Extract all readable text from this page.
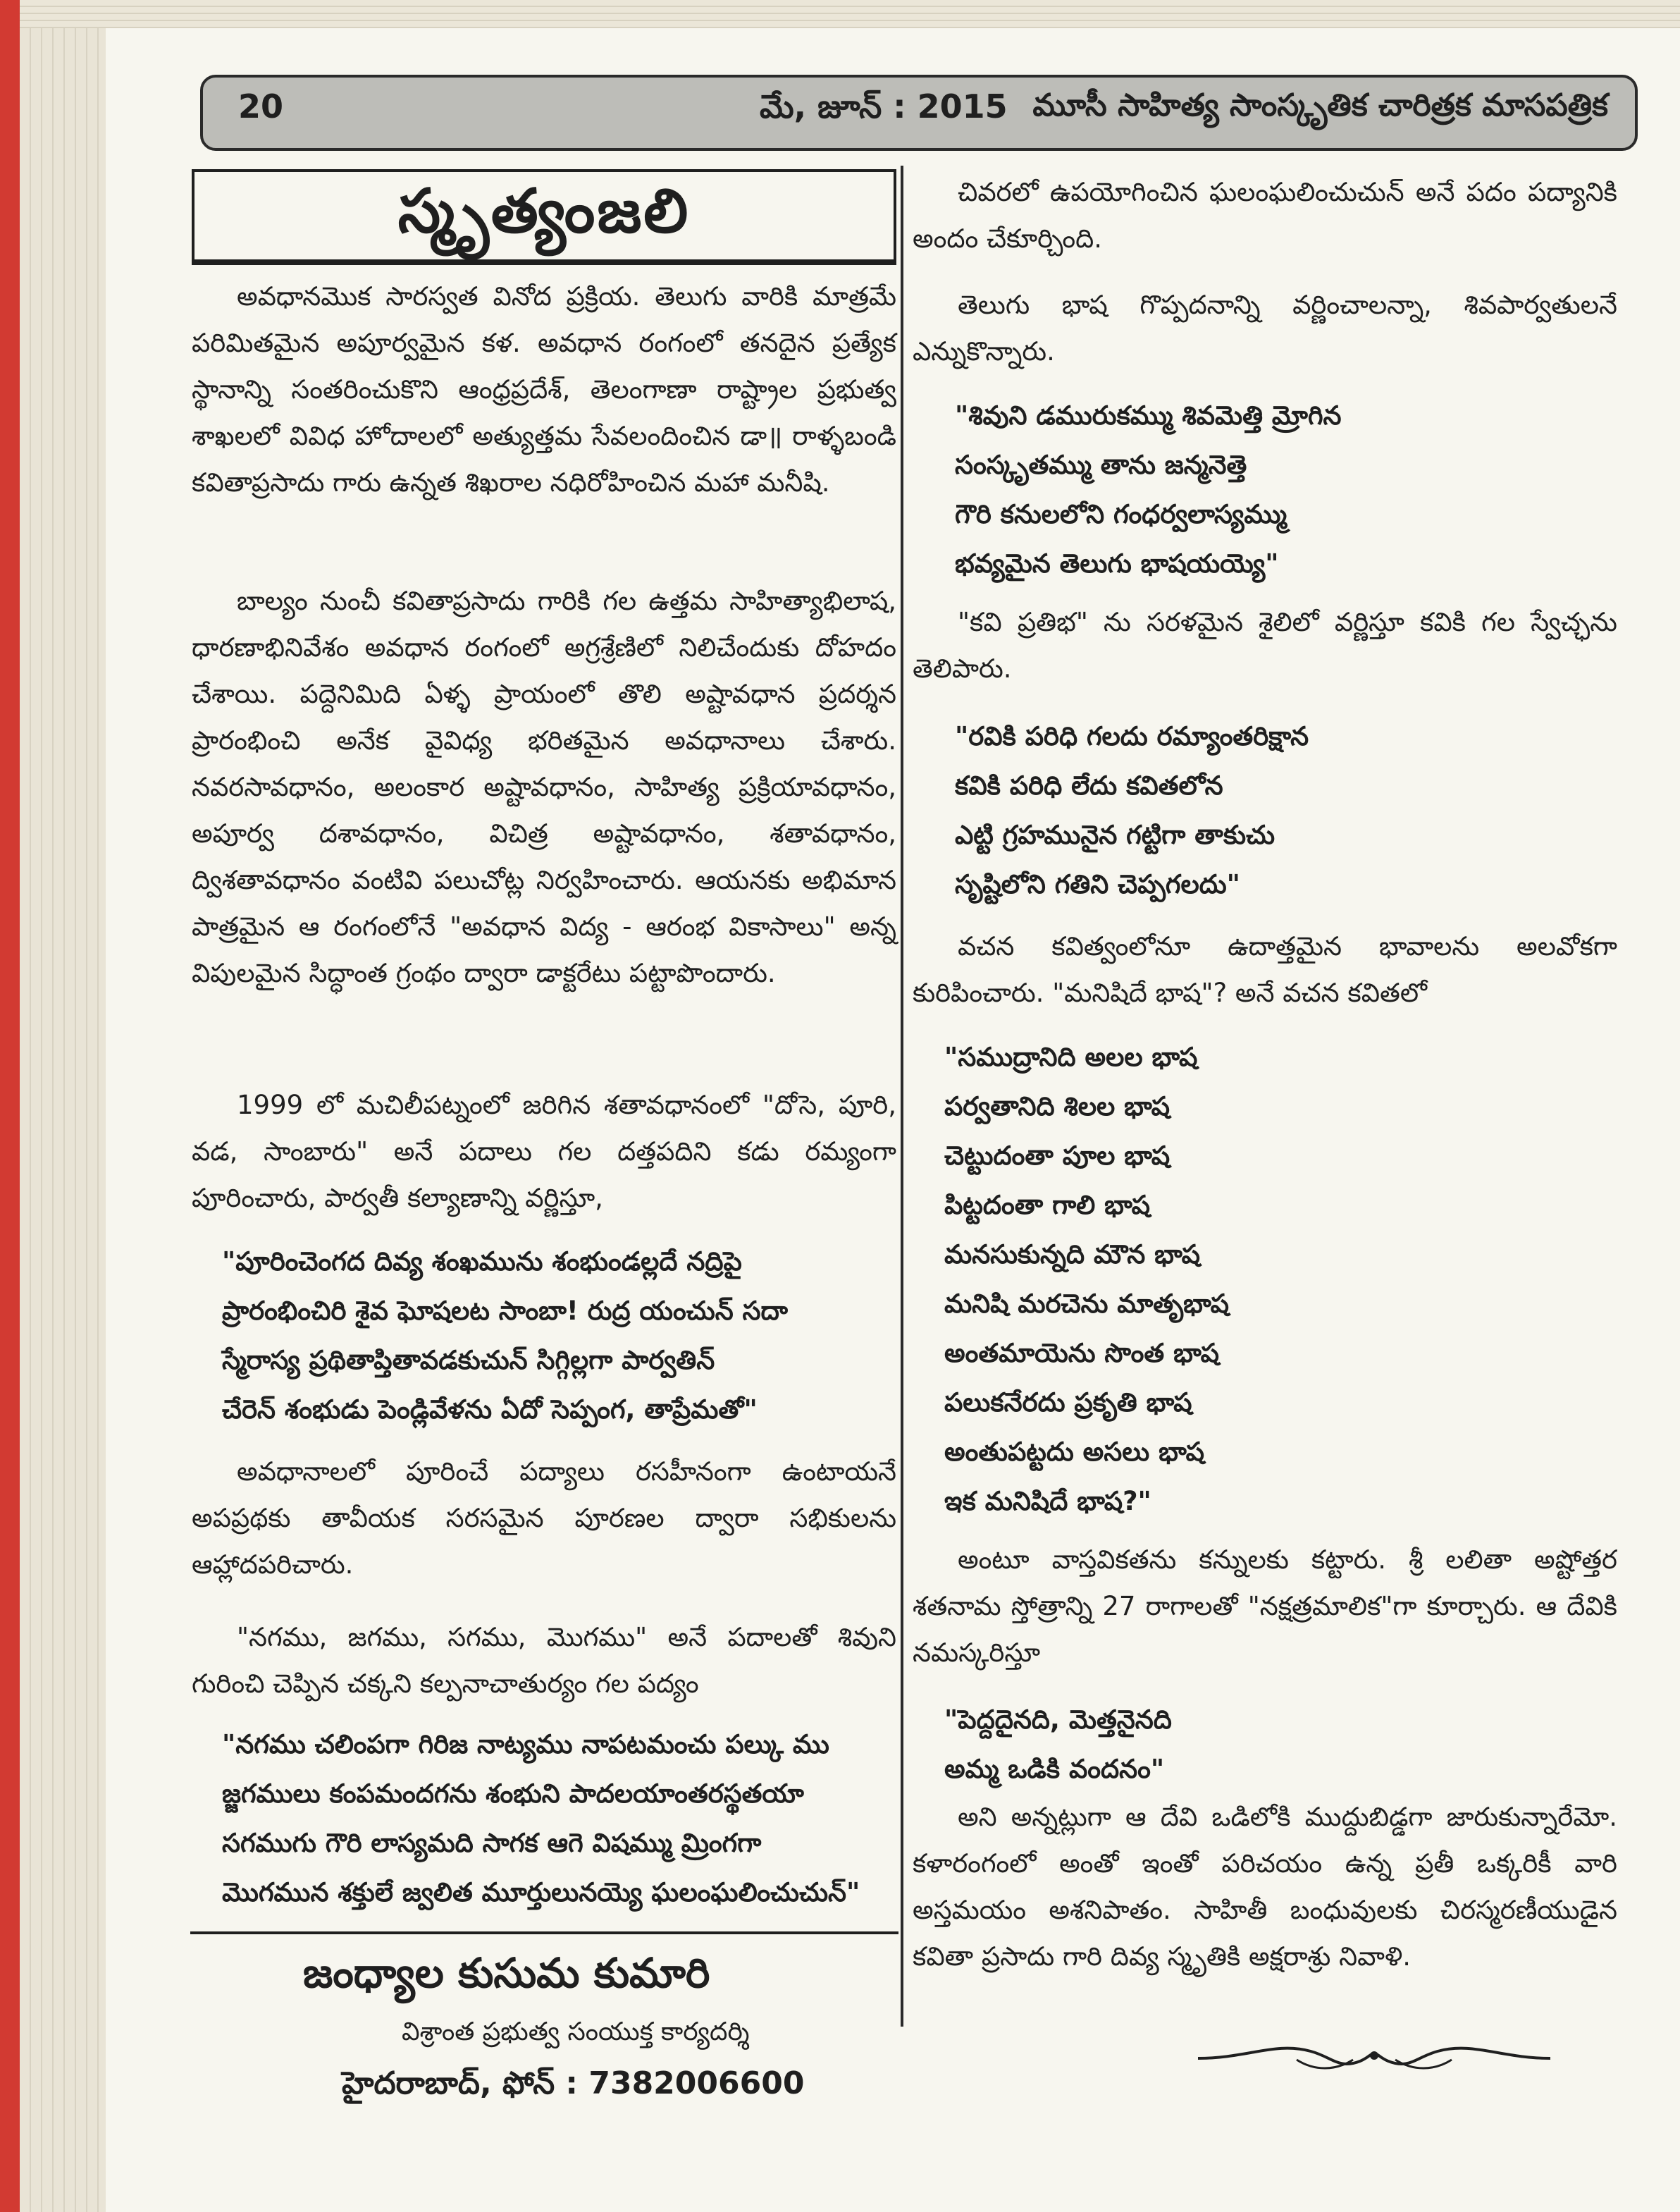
20	మే, జూన్ : 2015 మూసీ సాహిత్య సాంస్కృతిక చారిత్రక మాసపత్రిక
స్మృత్యంజలి
అవధానమొక సారస్వత వినోద ప్రక్రియ. తెలుగు వారికి మాత్రమే పరిమితమైన అపూర్వమైన కళ. అవధాన రంగంలో తనదైన ప్రత్యేక స్థానాన్ని సంతరించుకొని ఆంధ్రప్రదేశ్, తెలంగాణా రాష్ట్రాల ప్రభుత్వ శాఖలలో వివిధ హోదాలలో అత్యుత్తమ సేవలందించిన డా॥ రాళ్ళబండి కవితాప్రసాదు గారు ఉన్నత శిఖరాల నధిరోహించిన మహా మనీషి.
బాల్యం నుంచీ కవితాప్రసాదు గారికి గల ఉత్తమ సాహిత్యాభిలాష, ధారణాభినివేశం అవధాన రంగంలో అగ్రశ్రేణిలో నిలిచేందుకు దోహదం చేశాయి. పద్దెనిమిది ఏళ్ళ ప్రాయంలో తొలి అష్టావధాన ప్రదర్శన ప్రారంభించి అనేక వైవిధ్య భరితమైన అవధానాలు చేశారు. నవరసావధానం, అలంకార అష్టావధానం, సాహిత్య ప్రక్రియావధానం, అపూర్వ దశావధానం, విచిత్ర అష్టావధానం, శతావధానం, ద్విశతావధానం వంటివి పలుచోట్ల నిర్వహించారు. ఆయనకు అభిమాన పాత్రమైన ఆ రంగంలోనే "అవధాన విద్య - ఆరంభ వికాసాలు" అన్న విపులమైన సిద్ధాంత గ్రంథం ద్వారా డాక్టరేటు పట్టాపొందారు.
1999 లో మచిలీపట్నంలో జరిగిన శతావధానంలో "దోసె, పూరి, వడ, సాంబారు" అనే పదాలు గల దత్తపదిని కడు రమ్యంగా పూరించారు, పార్వతీ కల్యాణాన్ని వర్ణిస్తూ,
"పూరించెంగద దివ్య శంఖమును శంభుండల్లదే నద్రిపై
ప్రారంభించిరి శైవ ఘోషలట సాంబా! రుద్ర యంచున్ సదా
స్మేరాస్య ప్రథితాప్తితావడకుచున్ సిగ్గిల్లగా పార్వతిన్
చేరెన్ శంభుడు పెండ్లివేళను ఏదో సెప్పంగ, తాప్రేమతో"
అవధానాలలో పూరించే పద్యాలు రసహీనంగా ఉంటాయనే అపప్రథకు తావీయక సరసమైన పూరణల ద్వారా సభికులను ఆహ్లాదపరిచారు.
"నగము, జగము, సగము, మొగము" అనే పదాలతో శివుని గురించి చెప్పిన చక్కని కల్పనాచాతుర్యం గల పద్యం
"నగము చలింపగా గిరిజ నాట్యము నాపటమంచు పల్కు ము
జ్జగములు కంపమందగను శంభుని పాదలయాంతరస్థతయా
సగముగు గౌరి లాస్యమది సాగక ఆగె విషమ్ము మ్రింగగా
మొగమున శక్తులే జ్వలిత మూర్తులునయ్యె ఘలంఘలించుచున్"
జంధ్యాల కుసుమ కుమారి
విశ్రాంత ప్రభుత్వ సంయుక్త కార్యదర్శి
హైదరాబాద్, ఫోన్ : 7382006600
చివరలో ఉపయోగించిన ఘలంఘలించుచున్ అనే పదం పద్యానికి అందం చేకూర్చింది.
తెలుగు భాష గొప్పదనాన్ని వర్ణించాలన్నా, శివపార్వతులనే ఎన్నుకొన్నారు.
"శివుని డమురుకమ్ము శివమెత్తి మ్రోగిన
సంస్కృతమ్ము తాను జన్మనెత్తె
గౌరి కనులలోని గంధర్వలాస్యమ్ము
భవ్యమైన తెలుగు భాషయయ్యె"
"కవి ప్రతిభ" ను సరళమైన శైలిలో వర్ణిస్తూ కవికి గల స్వేచ్ఛను తెలిపారు.
"రవికి పరిధి గలదు రమ్యాంతరిక్షాన
కవికి పరిధి లేదు కవితలోన
ఎట్టి గ్రహమునైన గట్టిగా తాకుచు
సృష్టిలోని గతిని చెప్పగలదు"
వచన కవిత్వంలోనూ ఉదాత్తమైన భావాలను అలవోకగా కురిపించారు. "మనిషిదే భాష"? అనే వచన కవితలో
"సముద్రానిది అలల భాష
పర్వతానిది శిలల భాష
చెట్టుదంతా పూల భాష
పిట్టదంతా గాలి భాష
మనసుకున్నది మౌన భాష
మనిషి మరచెను మాతృభాష
అంతమాయెను సొంత భాష
పలుకనేరదు ప్రకృతి భాష
అంతుపట్టదు అసలు భాష
ఇక మనిషిదే భాష?"
అంటూ వాస్తవికతను కన్నులకు కట్టారు. శ్రీ లలితా అష్టోత్తర శతనామ స్తోత్రాన్ని 27 రాగాలతో "నక్షత్రమాలిక"గా కూర్చారు. ఆ దేవికి నమస్కరిస్తూ
"పెద్దదైనది, మెత్తనైనది
అమ్మ ఒడికి వందనం"
అని అన్నట్లుగా ఆ దేవి ఒడిలోకి ముద్దుబిడ్డగా జారుకున్నారేమో. కళారంగంలో అంతో ఇంతో పరిచయం ఉన్న ప్రతీ ఒక్కరికీ వారి అస్తమయం అశనిపాతం. సాహితీ బంధువులకు చిరస్మరణీయుడైన కవితా ప్రసాదు గారి దివ్య స్మృతికి అక్షరాశ్రు నివాళి.
